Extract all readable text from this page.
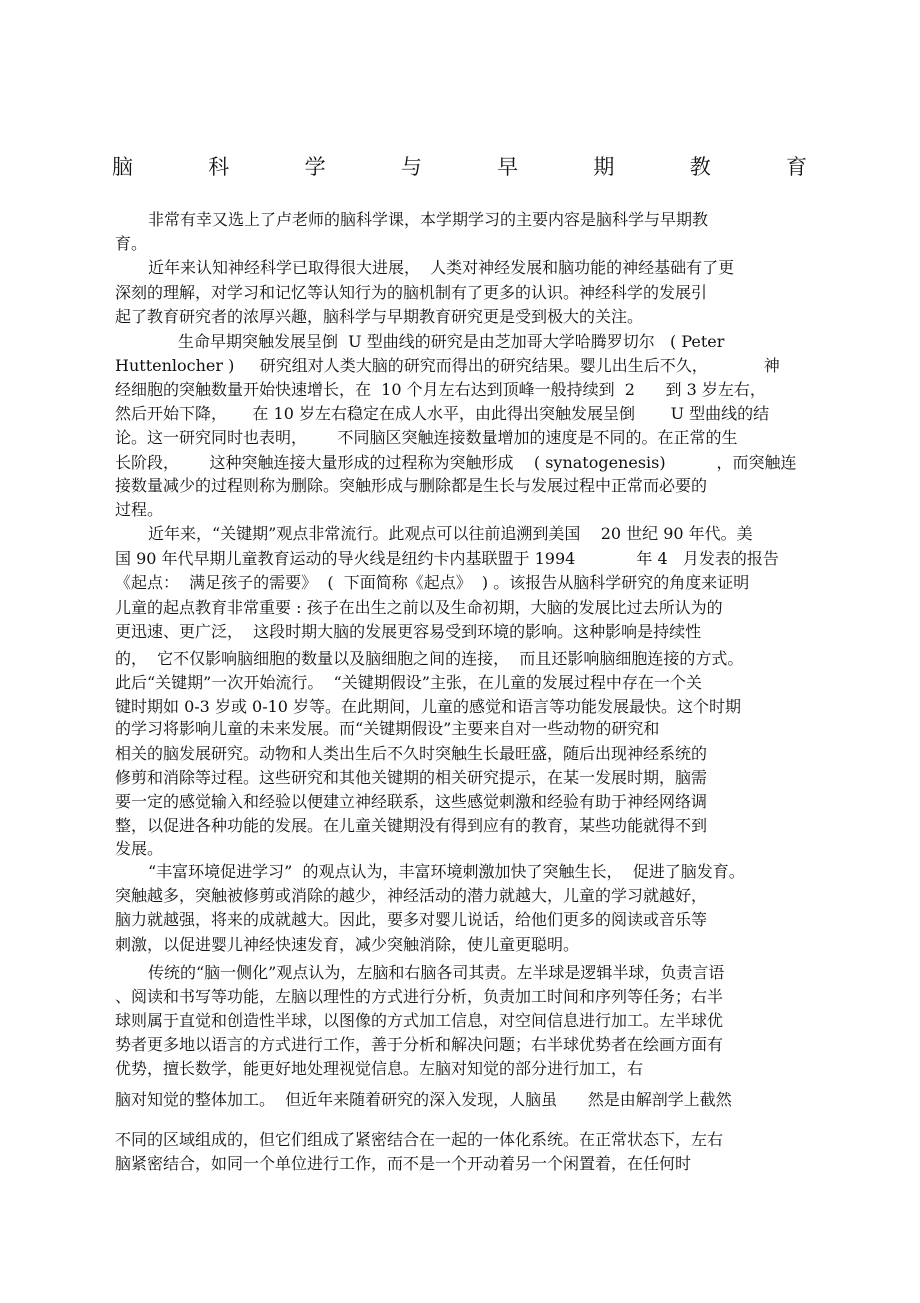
脑	科	学	与	早	期	教	育
非常有幸又选上了卢老师的脑科学课，本学期学习的主要内容是脑科学与早期教
育。
近年来认知神经科学已取得很大进展，  人类对神经发展和脑功能的神经基础有了更
深刻的理解，对学习和记忆等认知行为的脑机制有了更多的认识。神经科学的发展引
起了教育研究者的浓厚兴趣，脑科学与早期教育研究更是受到极大的关注。
生命早期突触发展呈倒  U 型曲线的研究是由芝加哥大学哈腾罗切尔   ( Peter
Huttenlocher )     研究组对人类大脑的研究而得出的研究结果。婴儿出生后不久，           神
经细胞的突触数量开始快速增长，在  10 个月左右达到顶峰一般持续到  2      到 3 岁左右，
然后开始下降，     在 10 岁左右稳定在成人水平，由此得出突触发展呈倒       U 型曲线的结
论。这一研究同时也表明，      不同脑区突触连接数量增加的速度是不同的。在正常的生
长阶段，      这种突触连接大量形成的过程称为突触形成    ( synatogenesis)          ，而突触连
接数量减少的过程则称为删除。突触形成与删除都是生长与发展过程中正常而必要的
过程。
近年来，“关键期”观点非常流行。此观点可以往前追溯到美国    20 世纪 90 年代。美
国 90 年代早期儿童教育运动的导火线是纽约卡内基联盟于 1994            年 4   月发表的报告
《起点：  满足孩子的需要》  (  下面简称《起点》  ) 。该报告从脑科学研究的角度来证明
儿童的起点教育非常重要 : 孩子在出生之前以及生命初期，大脑的发展比过去所认为的
更迅速、更广泛，  这段时期大脑的发展更容易受到环境的影响。这种影响是持续性
的，  它不仅影响脑细胞的数量以及脑细胞之间的连接，  而且还影响脑细胞连接的方式。
此后“关键期”一次开始流行。  “关键期假设”主张，在儿童的发展过程中存在一个关
键时期如 0-3 岁或 0-10 岁等。在此期间，儿童的感觉和语言等功能发展最快。这个时期
的学习将影响儿童的未来发展。而“关键期假设”主要来自对一些动物的研究和
相关的脑发展研究。动物和人类出生后不久时突触生长最旺盛，随后出现神经系统的
修剪和消除等过程。这些研究和其他关键期的相关研究提示，在某一发展时期，脑需
要一定的感觉输入和经验以便建立神经联系，这些感觉刺激和经验有助于神经网络调
整，以促进各种功能的发展。在儿童关键期没有得到应有的教育，某些功能就得不到
发展。
“丰富环境促进学习”  的观点认为，丰富环境刺激加快了突触生长，  促进了脑发育。
突触越多，突触被修剪或消除的越少，神经活动的潜力就越大，儿童的学习就越好，
脑力就越强，将来的成就越大。因此，要多对婴儿说话，给他们更多的阅读或音乐等
刺激，以促进婴儿神经快速发育，减少突触消除，使儿童更聪明。
传统的“脑一侧化”观点认为，左脑和右脑各司其责。左半球是逻辑半球，负责言语
、阅读和书写等功能，左脑以理性的方式进行分析，负责加工时间和序列等任务；右半
球则属于直觉和创造性半球，以图像的方式加工信息，对空间信息进行加工。左半球优
势者更多地以语言的方式进行工作，善于分析和解决问题；右半球优势者在绘画方面有
优势，擅长数学，能更好地处理视觉信息。左脑对知觉的部分进行加工，右
脑对知觉的整体加工。  但近年来随着研究的深入发现，人脑虽      然是由解剖学上截然
不同的区域组成的，但它们组成了紧密结合在一起的一体化系统。在正常状态下，左右
脑紧密结合，如同一个单位进行工作，而不是一个开动着另一个闲置着，在任何时
